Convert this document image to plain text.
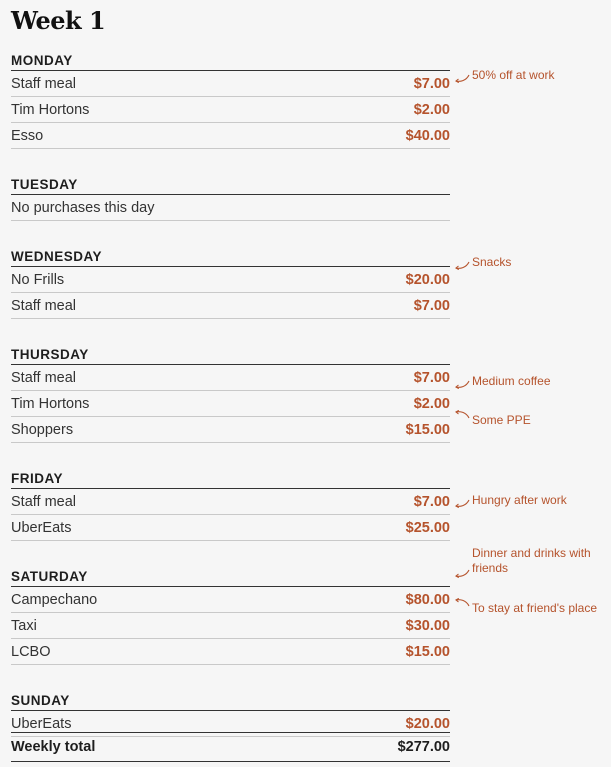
Week 1
MONDAY
Staff meal	$7.00
Tim Hortons	$2.00
Esso	$40.00
TUESDAY
No purchases this day
WEDNESDAY
No Frills	$20.00
Staff meal	$7.00
THURSDAY
Staff meal	$7.00
Tim Hortons	$2.00
Shoppers	$15.00
FRIDAY
Staff meal	$7.00
UberEats	$25.00
SATURDAY
Campechano	$80.00
Taxi	$30.00
LCBO	$15.00
SUNDAY
UberEats	$20.00
Weekly total	$277.00
50% off at work
Snacks
Medium coffee
Some PPE
Hungry after work
Dinner and drinks with friends
To stay at friend's place
